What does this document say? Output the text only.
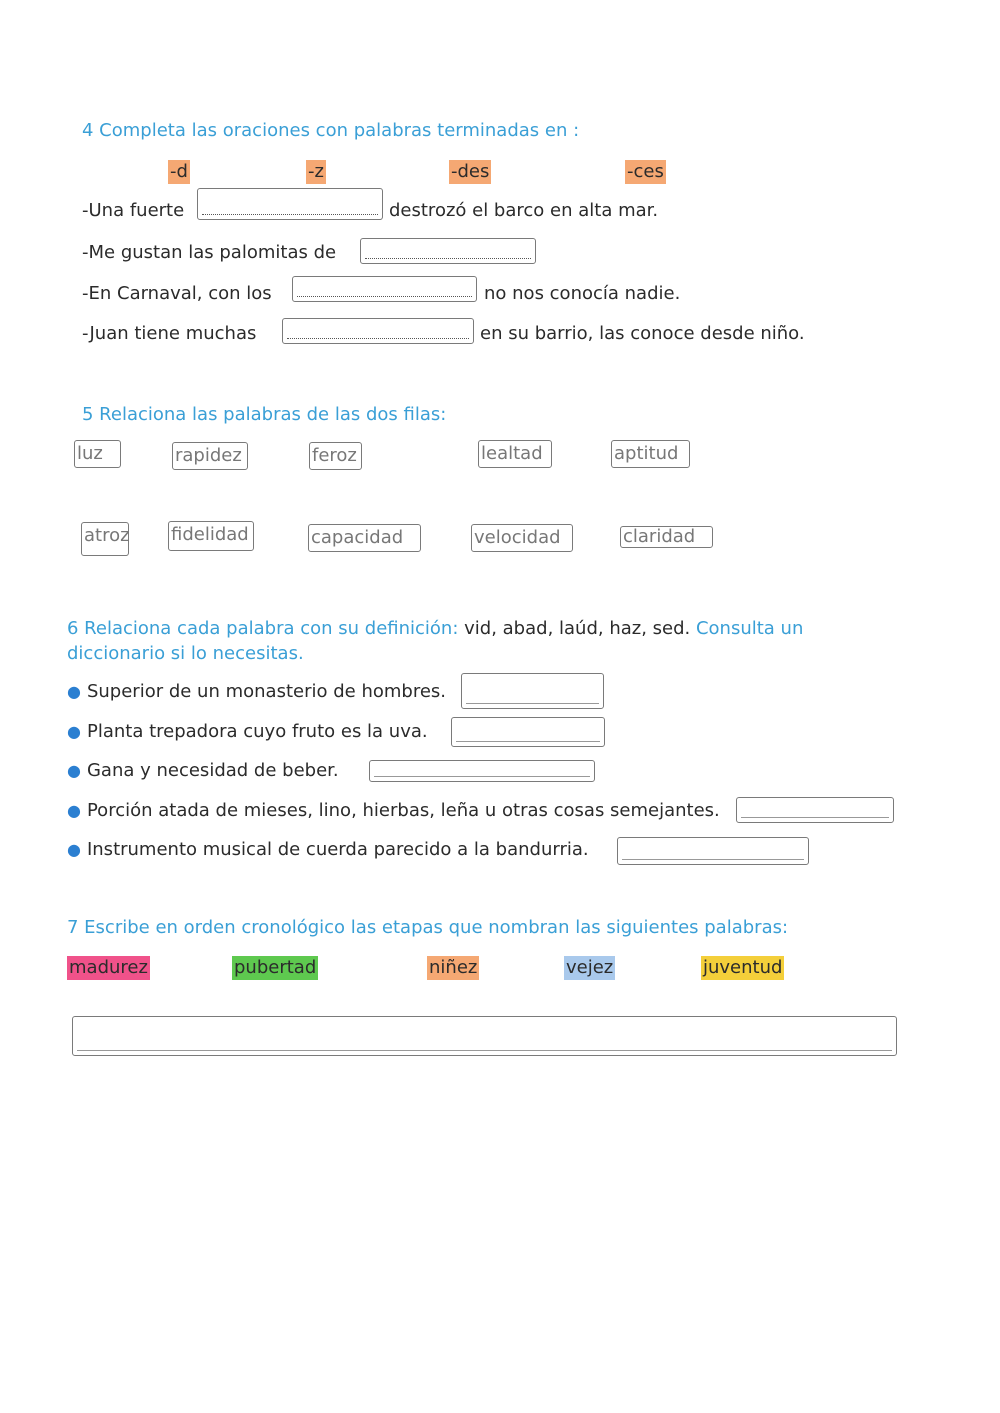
4 Completa las oraciones con palabras terminadas en :
-d	-z	-des	-ces
-Una fuerte	destrozó el barco en alta mar.
-Me gustan las palomitas de
-En Carnaval, con los	no nos conocía nadie.
-Juan tiene muchas	en su barrio, las conoce desde niño.
5 Relaciona las palabras de las dos filas:
luz	rapidez	feroz	lealtad	aptitud
atroz fidelidad	capacidad	velocidad	claridad
6 Relaciona cada palabra con su definición: vid, abad, laúd, haz, sed. Consulta un
diccionario si lo necesitas.
● Superior de un monasterio de hombres.
● Planta trepadora cuyo fruto es la uva.
● Gana y necesidad de beber.
● Porción atada de mieses, lino, hierbas, leña u otras cosas semejantes.
● Instrumento musical de cuerda parecido a la bandurria.
7 Escribe en orden cronológico las etapas que nombran las siguientes palabras:
madurez	pubertad	niñez	vejez	juventud
